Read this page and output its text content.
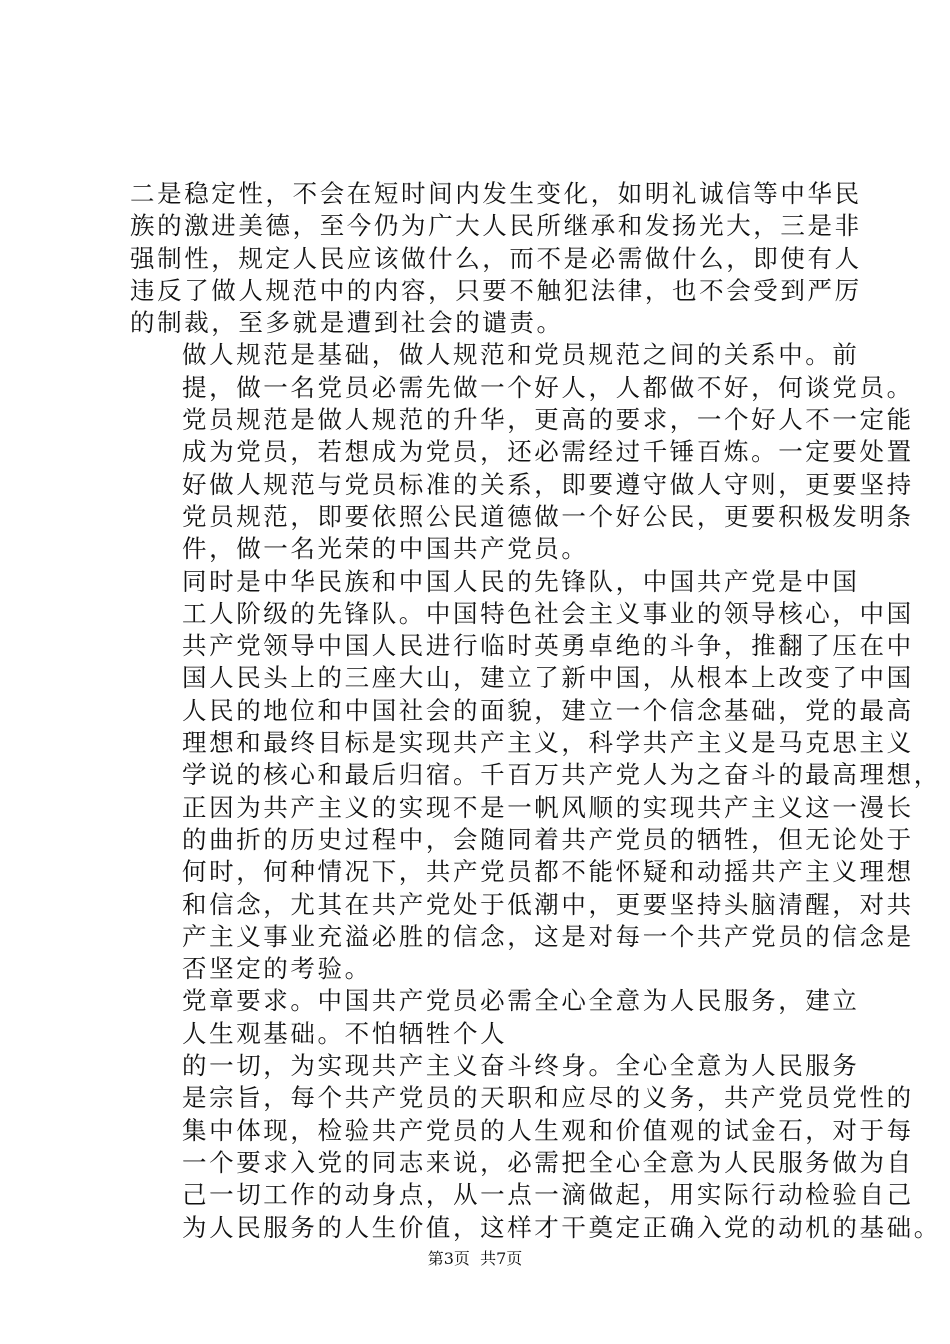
二是稳定性，不会在短时间内发生变化，如明礼诚信等中华民
族的激进美德，至今仍为广大人民所继承和发扬光大，三是非
强制性，规定人民应该做什么，而不是必需做什么，即使有人
违反了做人规范中的内容，只要不触犯法律，也不会受到严厉
的制裁，至多就是遭到社会的谴责。

做人规范是基础，做人规范和党员规范之间的关系中。前
提，做一名党员必需先做一个好人，人都做不好，何谈党员。
党员规范是做人规范的升华，更高的要求，一个好人不一定能
成为党员，若想成为党员，还必需经过千锤百炼。一定要处置
好做人规范与党员标准的关系，即要遵守做人守则，更要坚持
党员规范，即要依照公民道德做一个好公民，更要积极发明条
件，做一名光荣的中国共产党员。

同时是中华民族和中国人民的先锋队，中国共产党是中国
工人阶级的先锋队。中国特色社会主义事业的领导核心，中国
共产党领导中国人民进行临时英勇卓绝的斗争，推翻了压在中
国人民头上的三座大山，建立了新中国，从根本上改变了中国
人民的地位和中国社会的面貌，建立一个信念基础，党的最高
理想和最终目标是实现共产主义，科学共产主义是马克思主义
学说的核心和最后归宿。千百万共产党人为之奋斗的最高理想，
正因为共产主义的实现不是一帆风顺的实现共产主义这一漫长
的曲折的历史过程中，会随同着共产党员的牺牲，但无论处于
何时，何种情况下，共产党员都不能怀疑和动摇共产主义理想
和信念，尤其在共产党处于低潮中，更要坚持头脑清醒，对共
产主义事业充溢必胜的信念，这是对每一个共产党员的信念是
否坚定的考验。

党章要求。中国共产党员必需全心全意为人民服务，建立
人生观基础。不怕牺牲个人

的一切，为实现共产主义奋斗终身。全心全意为人民服务
是宗旨，每个共产党员的天职和应尽的义务，共产党员党性的
集中体现，检验共产党员的人生观和价值观的试金石，对于每
一个要求入党的同志来说，必需把全心全意为人民服务做为自
己一切工作的动身点，从一点一滴做起，用实际行动检验自己
为人民服务的人生价值，这样才干奠定正确入党的动机的基础。

第3页  共7页
